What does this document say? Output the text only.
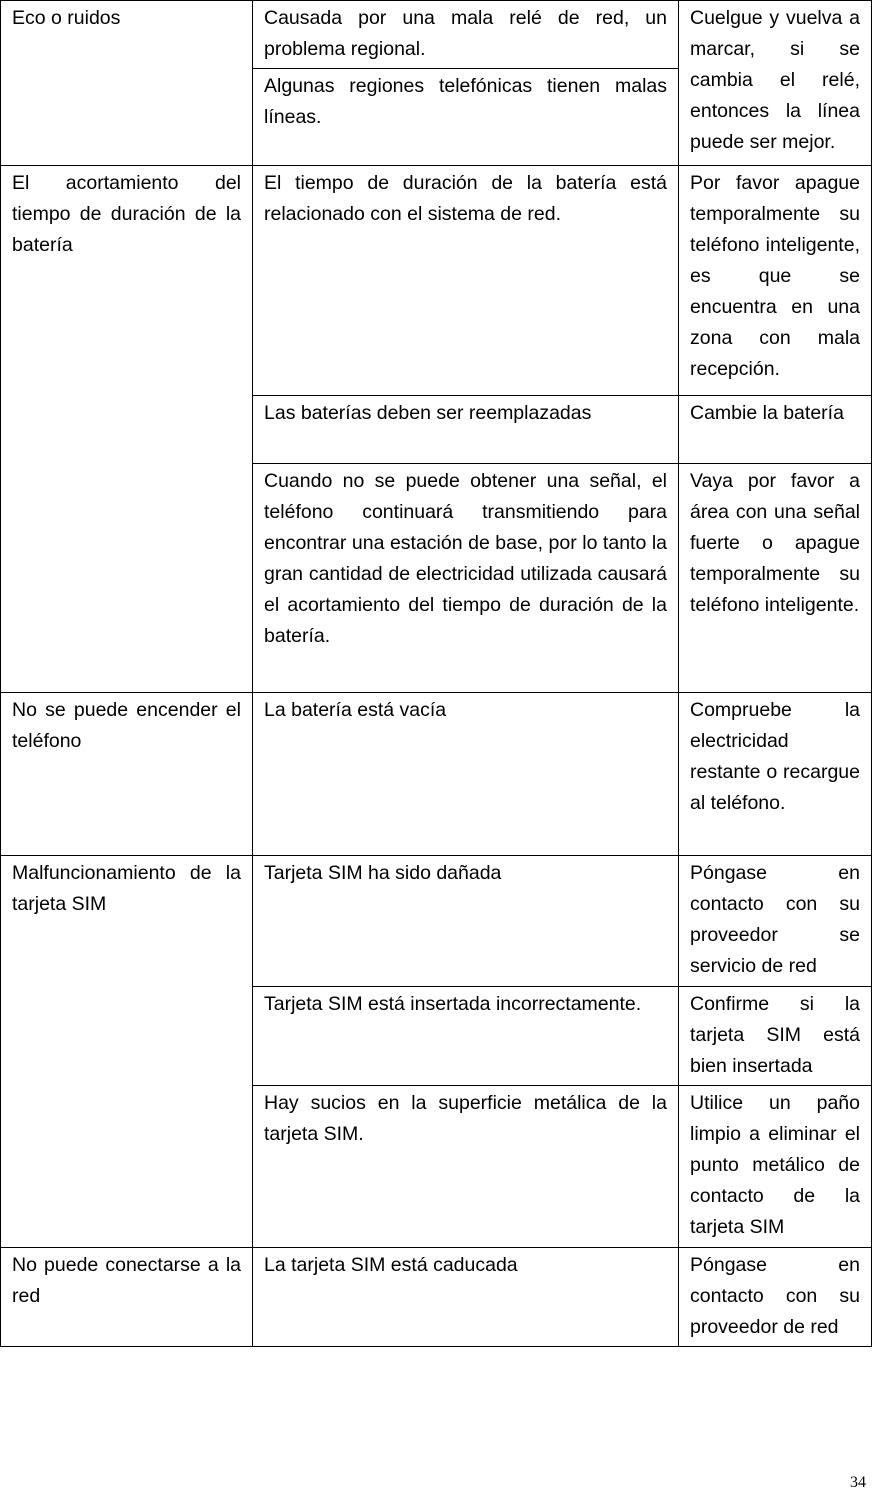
Eco o ruidos	Causada por una mala relé de red, un problema regional.	Cuelgue y vuelva a marcar, si se cambia el relé, entonces la línea puede ser mejor.
	Algunas regiones telefónicas tienen malas líneas.	
El acortamiento del tiempo de duración de la batería	El tiempo de duración de la batería está relacionado con el sistema de red.	Por favor apague temporalmente su teléfono inteligente, es que se encuentra en una zona con mala recepción.
	Las baterías deben ser reemplazadas	Cambie la batería
	Cuando no se puede obtener una señal, el teléfono continuará transmitiendo para encontrar una estación de base, por lo tanto la gran cantidad de electricidad utilizada causará el acortamiento del tiempo de duración de la batería.	Vaya por favor a área con una señal fuerte o apague temporalmente su teléfono inteligente.
No se puede encender el teléfono	La batería está vacía	Compruebe la electricidad restante o recargue al teléfono.
Malfuncionamiento de la tarjeta SIM	Tarjeta SIM ha sido dañada	Póngase en contacto con su proveedor se servicio de red
	Tarjeta SIM está insertada incorrectamente.	Confirme si la tarjeta SIM está bien insertada
	Hay sucios en la superficie metálica de la tarjeta SIM.	Utilice un paño limpio a eliminar el punto metálico de contacto de la tarjeta SIM
No puede conectarse a la red	La tarjeta SIM está caducada	Póngase en contacto con su proveedor de red
34
